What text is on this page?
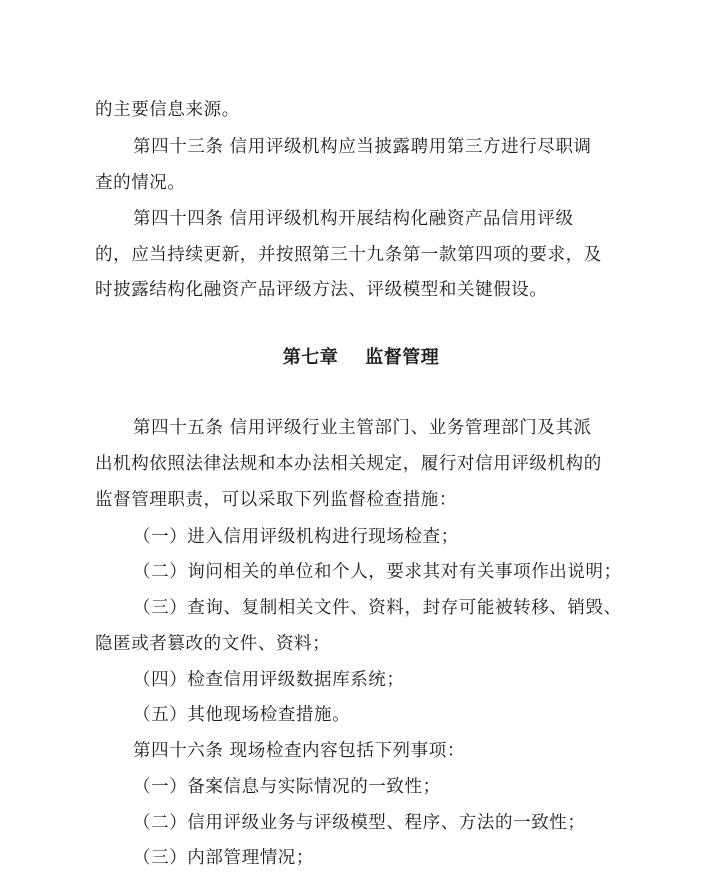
的主要信息来源。
第四十三条 信用评级机构应当披露聘用第三方进行尽职调
查的情况。
第四十四条 信用评级机构开展结构化融资产品信用评级
的，应当持续更新，并按照第三十九条第一款第四项的要求，及
时披露结构化融资产品评级方法、评级模型和关键假设。
第七章    监督管理
第四十五条 信用评级行业主管部门、业务管理部门及其派
出机构依照法律法规和本办法相关规定，履行对信用评级机构的
监督管理职责，可以采取下列监督检查措施：
（一）进入信用评级机构进行现场检查；
（二）询问相关的单位和个人，要求其对有关事项作出说明；
（三）查询、复制相关文件、资料，封存可能被转移、销毁、
隐匿或者篡改的文件、资料；
（四）检查信用评级数据库系统；
（五）其他现场检查措施。
第四十六条 现场检查内容包括下列事项：
（一）备案信息与实际情况的一致性；
（二）信用评级业务与评级模型、程序、方法的一致性；
（三）内部管理情况；
